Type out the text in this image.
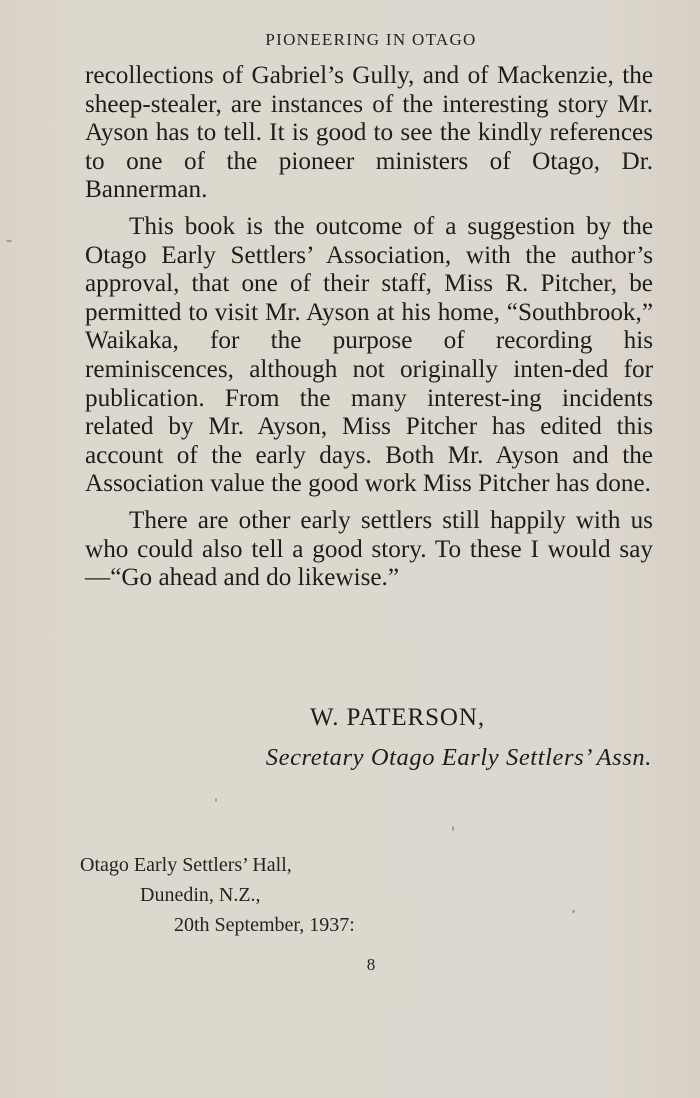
PIONEERING IN OTAGO

recollections of Gabriel’s Gully, and of Mackenzie, the sheep-stealer, are instances of the interesting story Mr. Ayson has to tell. It is good to see the kindly references to one of the pioneer ministers of Otago, Dr. Bannerman.

This book is the outcome of a suggestion by the Otago Early Settlers’ Association, with the author’s approval, that one of their staff, Miss R. Pitcher, be permitted to visit Mr. Ayson at his home, “Southbrook,” Waikaka, for the purpose of recording his reminiscences, although not originally inten-ded for publication. From the many interest-ing incidents related by Mr. Ayson, Miss Pitcher has edited this account of the early days. Both Mr. Ayson and the Association value the good work Miss Pitcher has done.

There are other early settlers still happily with us who could also tell a good story. To these I would say—“Go ahead and do likewise.”

W. PATERSON,
Secretary Otago Early Settlers’ Assn.
Otago Early Settlers’ Hall,
Dunedin, N.Z.,
20th September, 1937:
8
